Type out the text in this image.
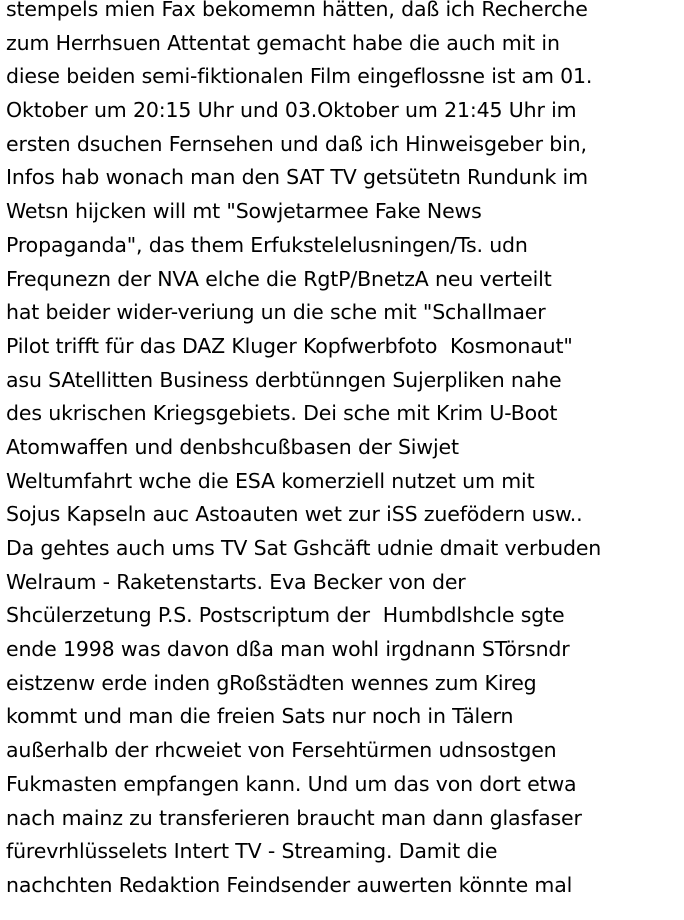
stempels mien Fax bekomemn hätten, daß ich Recherche
zum Herrhsuen Attentat gemacht habe die auch mit in
diese beiden semi-fiktionalen Film eingeflossne ist am 01.
Oktober um 20:15 Uhr und 03.Oktober um 21:45 Uhr im
ersten dsuchen Fernsehen und daß ich Hinweisgeber bin,
Infos hab wonach man den SAT TV getsütetn Rundunk im
Wetsn hijcken will mt "Sowjetarmee Fake News
Propaganda", das them Erfukstelelusningen/Ts. udn
Frequnezn der NVA elche die RgtP/BnetzA neu verteilt
hat beider wider-veriung un die sche mit "Schallmaer
Pilot trifft für das DAZ Kluger Kopfwerbfoto  Kosmonaut"
asu SAtellitten Business derbtünngen Sujerpliken nahe
des ukrischen Kriegsgebiets. Dei sche mit Krim U-Boot
Atomwaffen und denbshcußbasen der Siwjet
Weltumfahrt wche die ESA komerziell nutzet um mit
Sojus Kapseln auc Astoauten wet zur iSS zuefödern usw..
Da gehtes auch ums TV Sat Gshcäft udnie dmait verbuden
Welraum - Raketenstarts. Eva Becker von der
Shcülerzetung P.S. Postscriptum der  Humbdlshcle sgte
ende 1998 was davon dßa man wohl irgdnann STörsndr
eistzenw erde inden gRoßstädten wennes zum Kireg
kommt und man die freien Sats nur noch in Tälern
außerhalb der rhcweiet von Fersehtürmen udnsostgen
Fukmasten empfangen kann. Und um das von dort etwa
nach mainz zu transferieren braucht man dann glasfaser
fürevrhlüsselets Intert TV - Streaming. Damit die
nachchten Redaktion Feindsender auwerten könnte mal
